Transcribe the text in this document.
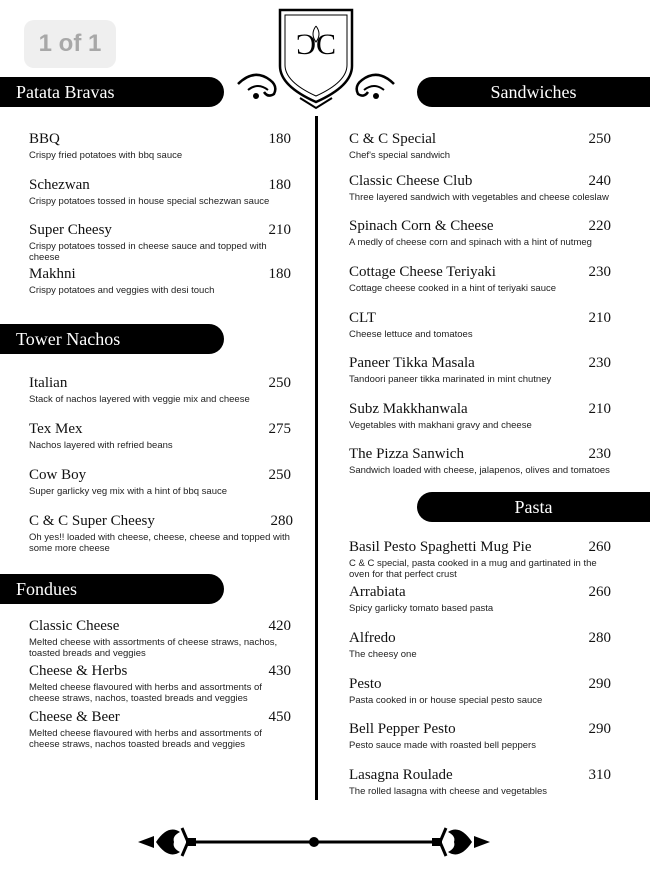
1 of 1	ƆC
Patata Bravas
Tower Nachos
Fondues
Sandwiches
Pasta
BBQ	180
Crispy fried potatoes with bbq sauce
Schezwan	180
Crispy potatoes tossed in house special schezwan sauce
Super Cheesy	210
Crispy potatoes tossed in cheese sauce and topped with cheese
Makhni	180
Crispy potatoes and veggies with desi touch
Italian	250
Stack of nachos layered with veggie mix and cheese
Tex Mex	275
Nachos layered with refried beans
Cow Boy	250
Super garlicky veg mix with a hint of bbq sauce
C & C Super Cheesy	280
Oh yes!! loaded with cheese, cheese, cheese and topped with some more cheese
Classic Cheese	420
Melted cheese with assortments of cheese straws, nachos, toasted breads and veggies
Cheese & Herbs	430
Melted cheese flavoured with herbs and assortments of cheese straws, nachos, toasted breads and veggies
Cheese & Beer	450
Melted cheese flavoured with herbs and assortments of cheese straws, nachos toasted breads and veggies
C & C Special	250
Chef's special sandwich
Classic Cheese Club	240
Three layered sandwich with vegetables and cheese coleslaw
Spinach Corn & Cheese	220
A medly of cheese corn and spinach with a hint of nutmeg
Cottage Cheese Teriyaki	230
Cottage cheese cooked in a hint of teriyaki sauce
CLT	210
Cheese lettuce and tomatoes
Paneer Tikka Masala	230
Tandoori paneer tikka marinated in mint chutney
Subz Makkhanwala	210
Vegetables with makhani gravy and cheese
The Pizza Sanwich	230
Sandwich loaded with cheese, jalapenos, olives and tomatoes
Basil Pesto Spaghetti Mug Pie	260
C & C special, pasta cooked in a mug and gartinated in the oven for that perfect crust
Arrabiata	260
Spicy garlicky tomato based pasta
Alfredo	280
The cheesy one
Pesto	290
Pasta cooked in or house special pesto sauce
Bell Pepper Pesto	290
Pesto sauce made with roasted bell peppers
Lasagna Roulade	310
The rolled lasagna with cheese and vegetables
